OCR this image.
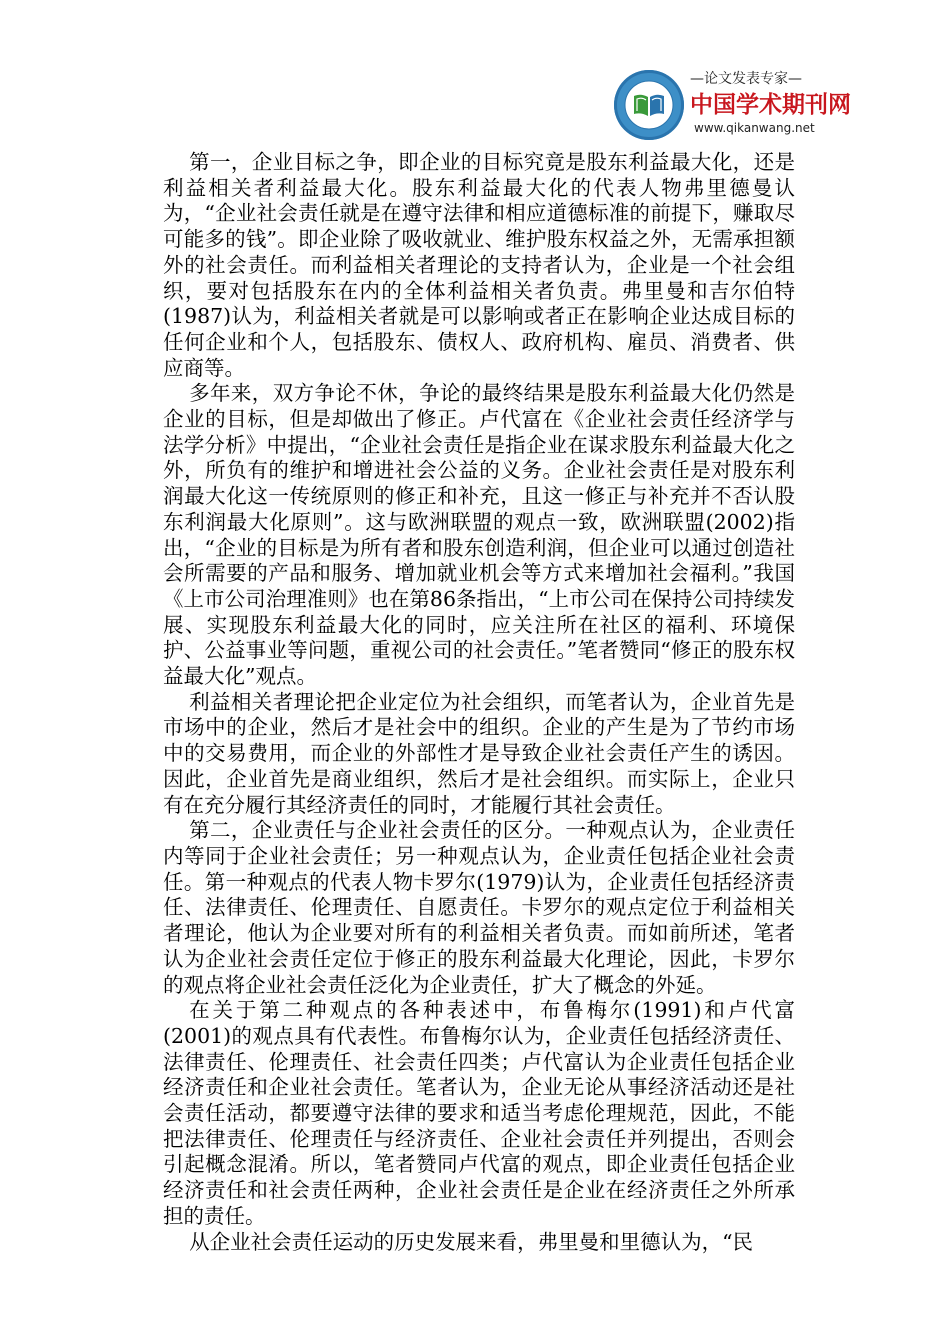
—论文发表专家—
中国学术期刊网
www.qikanwang.net

第一，企业目标之争，即企业的目标究竟是股东利益最大化，还是利益相关者利益最大化。股东利益最大化的代表人物弗里德曼认为，“企业社会责任就是在遵守法律和相应道德标准的前提下，赚取尽可能多的钱”。即企业除了吸收就业、维护股东权益之外，无需承担额外的社会责任。而利益相关者理论的支持者认为，企业是一个社会组织，要对包括股东在内的全体利益相关者负责。弗里曼和吉尔伯特(1987)认为，利益相关者就是可以影响或者正在影响企业达成目标的任何企业和个人，包括股东、债权人、政府机构、雇员、消费者、供应商等。

多年来，双方争论不休，争论的最终结果是股东利益最大化仍然是企业的目标，但是却做出了修正。卢代富在《企业社会责任经济学与法学分析》中提出，“企业社会责任是指企业在谋求股东利益最大化之外，所负有的维护和增进社会公益的义务。企业社会责任是对股东利润最大化这一传统原则的修正和补充，且这一修正与补充并不否认股东利润最大化原则”。这与欧洲联盟的观点一致，欧洲联盟(2002)指出，“企业的目标是为所有者和股东创造利润，但企业可以通过创造社会所需要的产品和服务、增加就业机会等方式来增加社会福利。”我国《上市公司治理准则》也在第86条指出，“上市公司在保持公司持续发展、实现股东利益最大化的同时，应关注所在社区的福利、环境保护、公益事业等问题，重视公司的社会责任。”笔者赞同“修正的股东权益最大化”观点。

利益相关者理论把企业定位为社会组织，而笔者认为，企业首先是市场中的企业，然后才是社会中的组织。企业的产生是为了节约市场中的交易费用，而企业的外部性才是导致企业社会责任产生的诱因。因此，企业首先是商业组织，然后才是社会组织。而实际上，企业只有在充分履行其经济责任的同时，才能履行其社会责任。

第二，企业责任与企业社会责任的区分。一种观点认为，企业责任内等同于企业社会责任；另一种观点认为，企业责任包括企业社会责任。第一种观点的代表人物卡罗尔(1979)认为，企业责任包括经济责任、法律责任、伦理责任、自愿责任。卡罗尔的观点定位于利益相关者理论，他认为企业要对所有的利益相关者负责。而如前所述，笔者认为企业社会责任定位于修正的股东利益最大化理论，因此，卡罗尔的观点将企业社会责任泛化为企业责任，扩大了概念的外延。

在关于第二种观点的各种表述中，布鲁梅尔(1991)和卢代富(2001)的观点具有代表性。布鲁梅尔认为，企业责任包括经济责任、法律责任、伦理责任、社会责任四类；卢代富认为企业责任包括企业经济责任和企业社会责任。笔者认为，企业无论从事经济活动还是社会责任活动，都要遵守法律的要求和适当考虑伦理规范，因此，不能把法律责任、伦理责任与经济责任、企业社会责任并列提出，否则会引起概念混淆。所以，笔者赞同卢代富的观点，即企业责任包括企业经济责任和社会责任两种，企业社会责任是企业在经济责任之外所承担的责任。

从企业社会责任运动的历史发展来看，弗里曼和里德认为，“民
